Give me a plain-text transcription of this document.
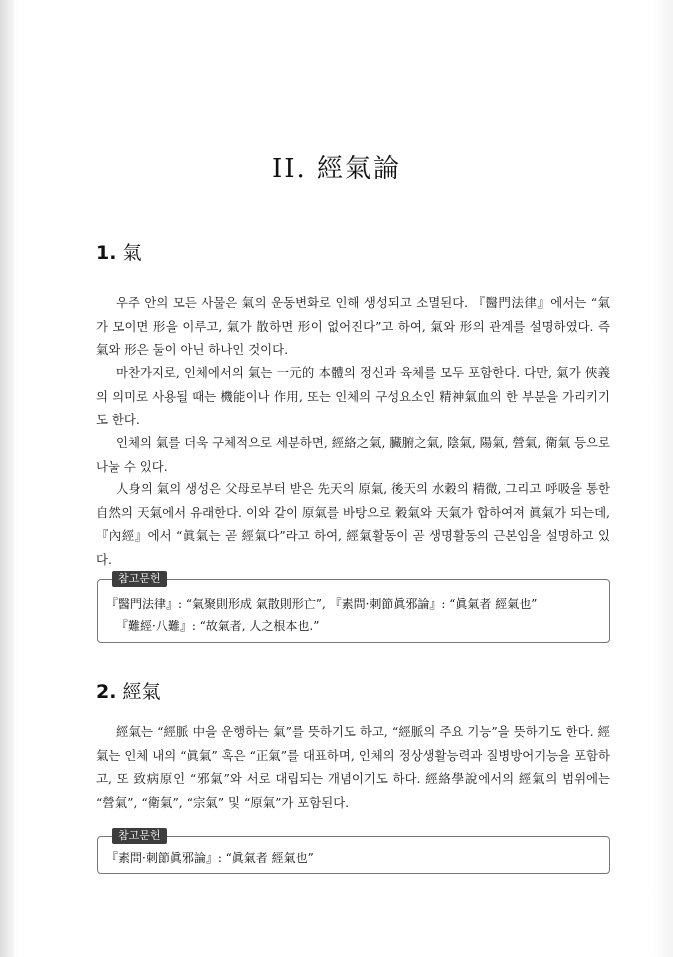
II. 經氣論
1. 氣

우주 안의 모든 사물은 氣의 운동변화로 인해 생성되고 소멸된다. 『醫門法律』에서는 “氣가 모이면 形을 이루고, 氣가 散하면 形이 없어진다”고 하여, 氣와 形의 관계를 설명하였다. 즉 氣와 形은 둘이 아닌 하나인 것이다.

마찬가지로, 인체에서의 氣는 一元的 本體의 정신과 육체를 모두 포함한다. 다만, 氣가 俠義의 의미로 사용될 때는 機能이나 作用, 또는 인체의 구성요소인 精神氣血의 한 부분을 가리키기도 한다.

인체의 氣를 더욱 구체적으로 세분하면, 經絡之氣, 臟腑之氣, 陰氣, 陽氣, 營氣, 衛氣 등으로 나눌 수 있다.

人身의 氣의 생성은 父母로부터 받은 先天의 原氣, 後天의 水穀의 精微, 그리고 呼吸을 통한 自然의 天氣에서 유래한다. 이와 같이 原氣를 바탕으로 穀氣와 天氣가 합하여져 眞氣가 되는데, 『內經』에서 “眞氣는 곧 經氣다”라고 하여, 經氣활동이 곧 생명활동의 근본임을 설명하고 있다.

참고문헌
『醫門法律』: “氣聚則形成 氣散則形亡”, 『素問·刺節眞邪論』: “眞氣者 經氣也”
『難經·八難』: “故氣者, 人之根本也.”
2. 經氣

經氣는 “經脈 中을 운행하는 氣”를 뜻하기도 하고, “經脈의 주요 기능”을 뜻하기도 한다. 經氣는 인체 내의 “眞氣” 혹은 “正氣”를 대표하며, 인체의 정상생활능력과 질병방어기능을 포함하고, 또 致病原인 “邪氣”와 서로 대립되는 개념이기도 하다. 經絡學說에서의 經氣의 범위에는 “營氣”, “衛氣”, “宗氣” 및 “原氣”가 포함된다.

참고문헌
『素問·刺節眞邪論』: “眞氣者 經氣也”
